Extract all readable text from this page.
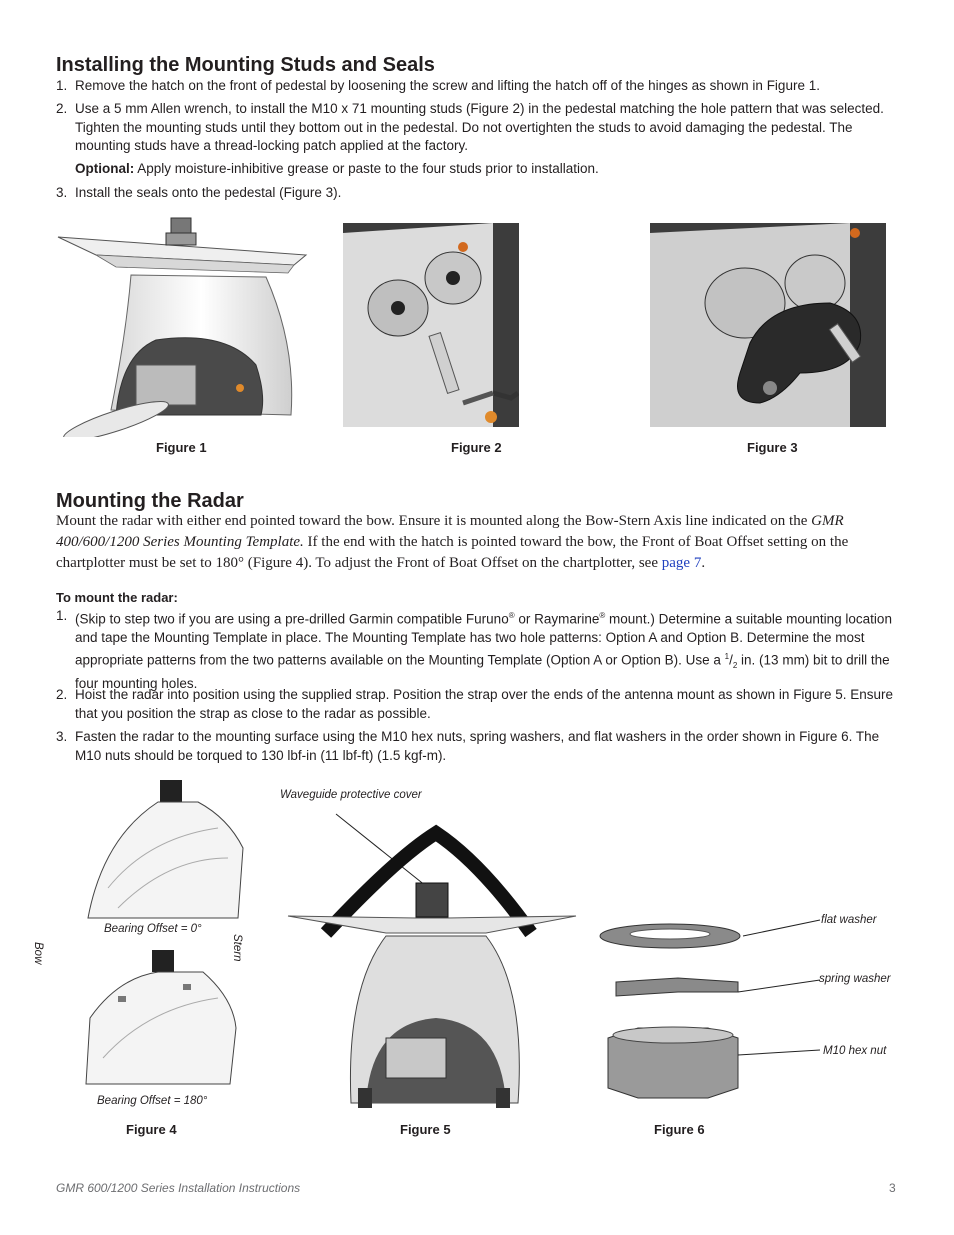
Installing the Mounting Studs and Seals
1. Remove the hatch on the front of pedestal by loosening the screw and lifting the hatch off of the hinges as shown in Figure 1.
2. Use a 5 mm Allen wrench, to install the M10 x 71 mounting studs (Figure 2) in the pedestal matching the hole pattern that was selected. Tighten the mounting studs until they bottom out in the pedestal. Do not overtighten the studs to avoid damaging the pedestal. The mounting studs have a thread-locking patch applied at the factory.
Optional: Apply moisture-inhibitive grease or paste to the four studs prior to installation.
3. Install the seals onto the pedestal (Figure 3).
Figure 1	Figure 2	Figure 3
Mounting the Radar
Mount the radar with either end pointed toward the bow. Ensure it is mounted along the Bow-Stern Axis line indicated on the GMR 400/600/1200 Series Mounting Template. If the end with the hatch is pointed toward the bow, the Front of Boat Offset setting on the chartplotter must be set to 180° (Figure 4). To adjust the Front of Boat Offset on the chartplotter, see page 7.
To mount the radar:
1. (Skip to step two if you are using a pre-drilled Garmin compatible Furuno® or Raymarine® mount.) Determine a suitable mounting location and tape the Mounting Template in place. The Mounting Template has two hole patterns: Option A and Option B. Determine the most appropriate patterns from the two patterns available on the Mounting Template (Option A or Option B). Use a $^1/_2$ in. (13 mm) bit to drill the four mounting holes.
2. Hoist the radar into position using the supplied strap. Position the strap over the ends of the antenna mount as shown in Figure 5. Ensure that you position the strap as close to the radar as possible.
3. Fasten the radar to the mounting surface using the M10 hex nuts, spring washers, and flat washers in the order shown in Figure 6. The M10 nuts should be torqued to 130 lbf-in (11 lbf-ft) (1.5 kgf-m).
Bearing Offset = 0°
Bearing Offset = 180°
Bow	Stern
Waveguide protective cover
flat washer
spring washer
M10 hex nut
Figure 4	Figure 5	Figure 6
GMR 600/1200 Series Installation Instructions	3
